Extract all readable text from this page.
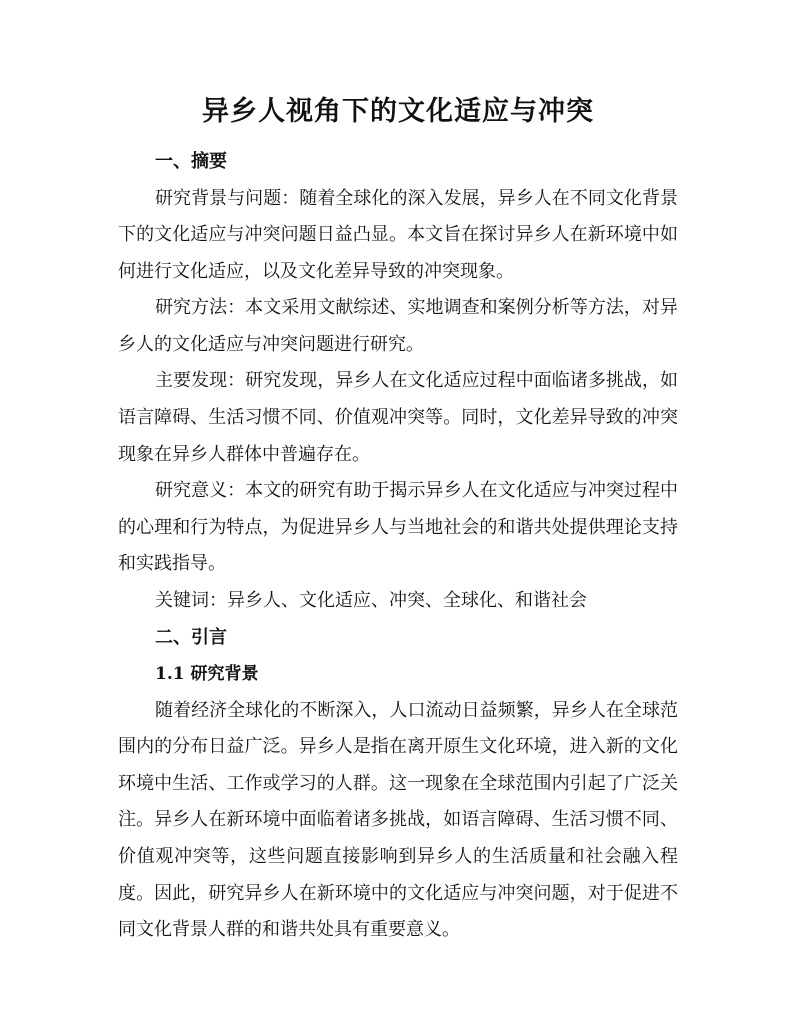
异乡人视角下的文化适应与冲突
一、摘要

研究背景与问题：随着全球化的深入发展，异乡人在不同文化背景下的文化适应与冲突问题日益凸显。本文旨在探讨异乡人在新环境中如何进行文化适应，以及文化差异导致的冲突现象。

研究方法：本文采用文献综述、实地调查和案例分析等方法，对异乡人的文化适应与冲突问题进行研究。

主要发现：研究发现，异乡人在文化适应过程中面临诸多挑战，如语言障碍、生活习惯不同、价值观冲突等。同时，文化差异导致的冲突现象在异乡人群体中普遍存在。

研究意义：本文的研究有助于揭示异乡人在文化适应与冲突过程中的心理和行为特点，为促进异乡人与当地社会的和谐共处提供理论支持和实践指导。

关键词：异乡人、文化适应、冲突、全球化、和谐社会

二、引言
1.1 研究背景

随着经济全球化的不断深入，人口流动日益频繁，异乡人在全球范围内的分布日益广泛。异乡人是指在离开原生文化环境，进入新的文化环境中生活、工作或学习的人群。这一现象在全球范围内引起了广泛关注。异乡人在新环境中面临着诸多挑战，如语言障碍、生活习惯不同、价值观冲突等，这些问题直接影响到异乡人的生活质量和社会融入程度。因此，研究异乡人在新环境中的文化适应与冲突问题，对于促进不同文化背景人群的和谐共处具有重要意义。
